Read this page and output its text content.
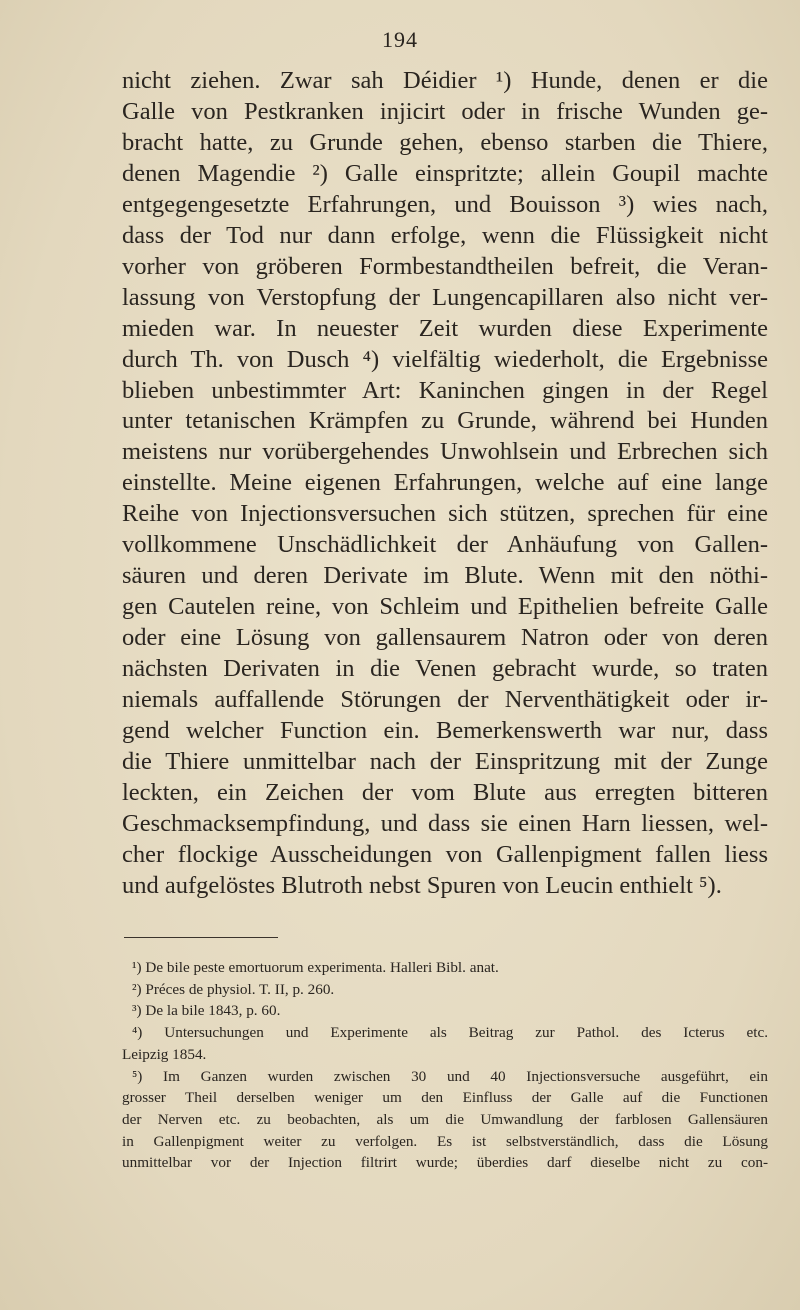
194
nicht ziehen. Zwar sah Déidier ¹) Hunde, denen er die
Galle von Pestkranken injicirt oder in frische Wunden ge-
bracht hatte, zu Grunde gehen, ebenso starben die Thiere,
denen Magendie ²) Galle einspritzte; allein Goupil machte
entgegengesetzte Erfahrungen, und Bouisson ³) wies nach,
dass der Tod nur dann erfolge, wenn die Flüssigkeit nicht
vorher von gröberen Formbestandtheilen befreit, die Veran-
lassung von Verstopfung der Lungencapillaren also nicht ver-
mieden war. In neuester Zeit wurden diese Experimente
durch Th. von Dusch ⁴) vielfältig wiederholt, die Ergebnisse
blieben unbestimmter Art: Kaninchen gingen in der Regel
unter tetanischen Krämpfen zu Grunde, während bei Hunden
meistens nur vorübergehendes Unwohlsein und Erbrechen sich
einstellte. Meine eigenen Erfahrungen, welche auf eine lange
Reihe von Injectionsversuchen sich stützen, sprechen für eine
vollkommene Unschädlichkeit der Anhäufung von Gallen-
säuren und deren Derivate im Blute. Wenn mit den nöthi-
gen Cautelen reine, von Schleim und Epithelien befreite Galle
oder eine Lösung von gallensaurem Natron oder von deren
nächsten Derivaten in die Venen gebracht wurde, so traten
niemals auffallende Störungen der Nerventhätigkeit oder ir-
gend welcher Function ein. Bemerkenswerth war nur, dass
die Thiere unmittelbar nach der Einspritzung mit der Zunge
leckten, ein Zeichen der vom Blute aus erregten bitteren
Geschmacksempfindung, und dass sie einen Harn liessen, wel-
cher flockige Ausscheidungen von Gallenpigment fallen liess
und aufgelöstes Blutroth nebst Spuren von Leucin enthielt ⁵).
¹) De bile peste emortuorum experimenta. Halleri Bibl. anat.
²) Préces de physiol. T. II, p. 260.
³) De la bile 1843, p. 60.
⁴) Untersuchungen und Experimente als Beitrag zur Pathol. des Icterus etc.
Leipzig 1854.
⁵) Im Ganzen wurden zwischen 30 und 40 Injectionsversuche ausgeführt, ein
grosser Theil derselben weniger um den Einfluss der Galle auf die Functionen
der Nerven etc. zu beobachten, als um die Umwandlung der farblosen Gallensäuren
in Gallenpigment weiter zu verfolgen. Es ist selbstverständlich, dass die Lösung
unmittelbar vor der Injection filtrirt wurde; überdies darf dieselbe nicht zu con-
